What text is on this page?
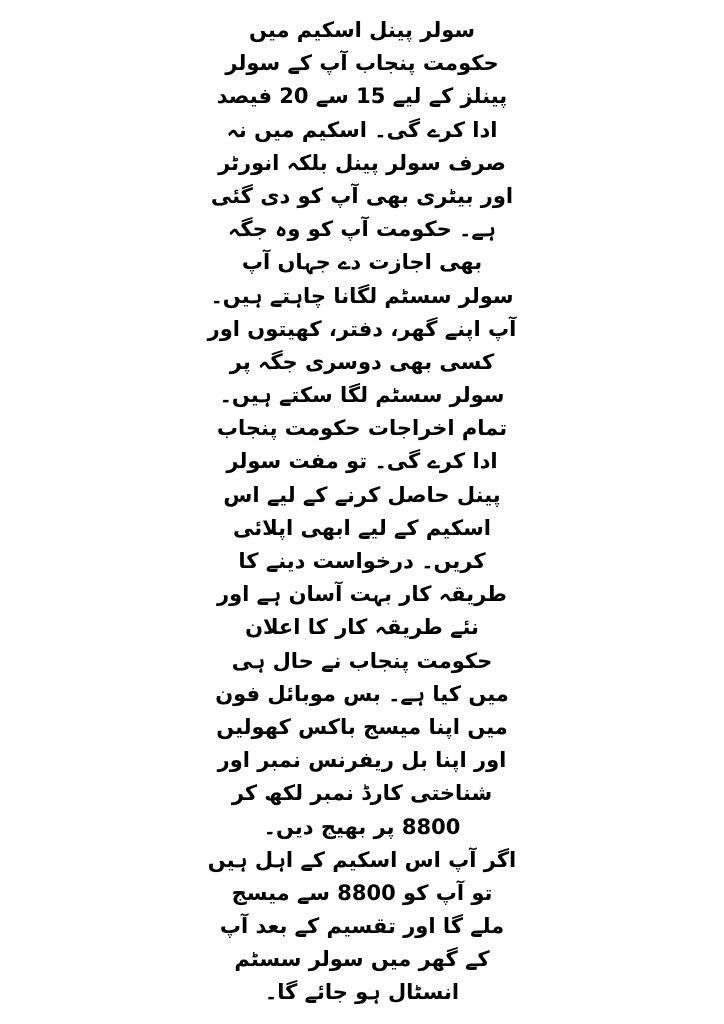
سولر پینل اسکیم میں
حکومت پنجاب آپ کے سولر
پینلز کے لیے 15 سے 20 فیصد
ادا کرے گی۔ اسکیم میں نہ
صرف سولر پینل بلکہ انورٹر
اور بیٹری بھی آپ کو دی گئی
ہے۔ حکومت آپ کو وہ جگہ
بھی اجازت دے جہاں آپ
سولر سسٹم لگانا چاہتے ہیں۔
آپ اپنے گھر، دفتر، کھیتوں اور
کسی بھی دوسری جگہ پر
سولر سسٹم لگا سکتے ہیں۔
تمام اخراجات حکومت پنجاب
ادا کرے گی۔ تو مفت سولر
پینل حاصل کرنے کے لیے اس
اسکیم کے لیے ابھی اپلائی
کریں۔ درخواست دینے کا
طریقہ کار بہت آسان ہے اور
نئے طریقہ کار کا اعلان
حکومت پنجاب نے حال ہی
میں کیا ہے۔ بس موبائل فون
میں اپنا میسج باکس کھولیں
اور اپنا بل ریفرنس نمبر اور
شناختی کارڈ نمبر لکھ کر
8800 پر بھیج دیں۔
اگر آپ اس اسکیم کے اہل ہیں
تو آپ کو 8800 سے میسج
ملے گا اور تقسیم کے بعد آپ
کے گھر میں سولر سسٹم
انسٹال ہو جائے گا۔
